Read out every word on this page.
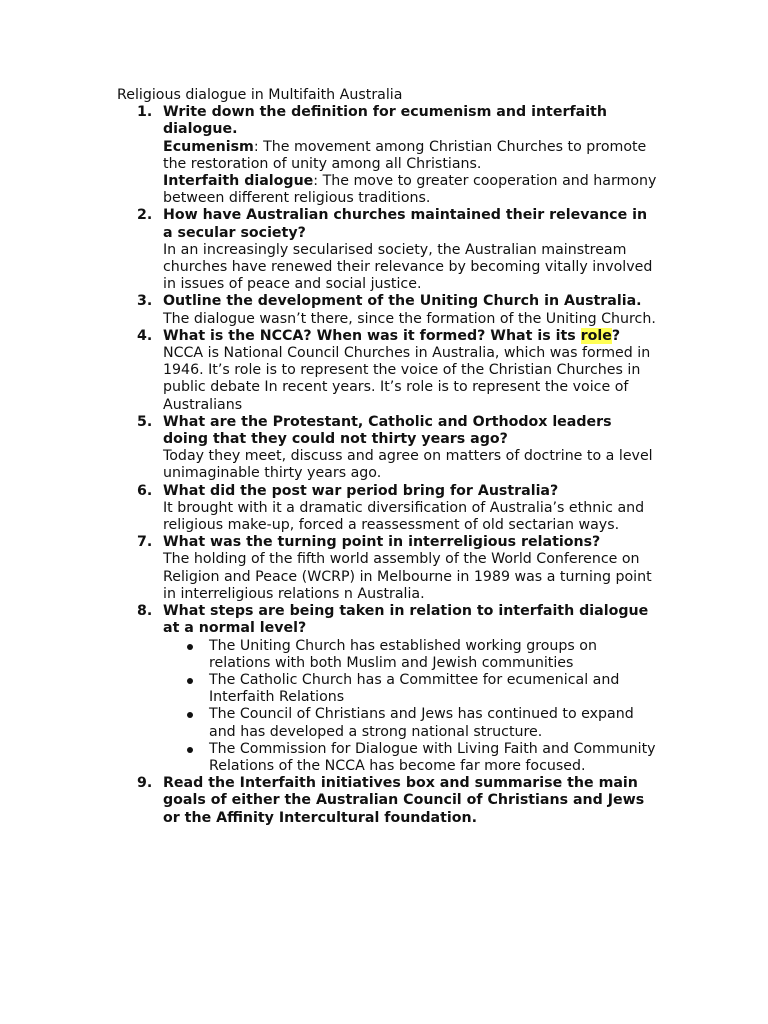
Religious dialogue in Multifaith Australia
1. Write down the definition for ecumenism and interfaith dialogue.
Ecumenism: The movement among Christian Churches to promote the restoration of unity among all Christians.
Interfaith dialogue: The move to greater cooperation and harmony between different religious traditions.
2. How have Australian churches maintained their relevance in a secular society?
In an increasingly secularised society, the Australian mainstream churches have renewed their relevance by becoming vitally involved in issues of peace and social justice.
3. Outline the development of the Uniting Church in Australia.
The dialogue wasn’t there, since the formation of the Uniting Church.
4. What is the NCCA? When was it formed? What is its role?
NCCA is National Council Churches in Australia, which was formed in 1946. It’s role is to represent the voice of the Christian Churches in public debate In recent years. It’s role is to represent the voice of Australians
5. What are the Protestant, Catholic and Orthodox leaders doing that they could not thirty years ago?
Today they meet, discuss and agree on matters of doctrine to a level unimaginable thirty years ago.
6. What did the post war period bring for Australia?
It brought with it a dramatic diversification of Australia’s ethnic and religious make-up, forced a reassessment of old sectarian ways.
7. What was the turning point in interreligious relations?
The holding of the fifth world assembly of the World Conference on Religion and Peace (WCRP) in Melbourne in 1989 was a turning point in interreligious relations n Australia.
8. What steps are being taken in relation to interfaith dialogue at a normal level?
The Uniting Church has established working groups on relations with both Muslim and Jewish communities
The Catholic Church has a Committee for ecumenical and Interfaith Relations
The Council of Christians and Jews has continued to expand and has developed a strong national structure.
The Commission for Dialogue with Living Faith and Community Relations of the NCCA has become far more focused.
9. Read the Interfaith initiatives box and summarise the main goals of either the Australian Council of Christians and Jews or the Affinity Intercultural foundation.
